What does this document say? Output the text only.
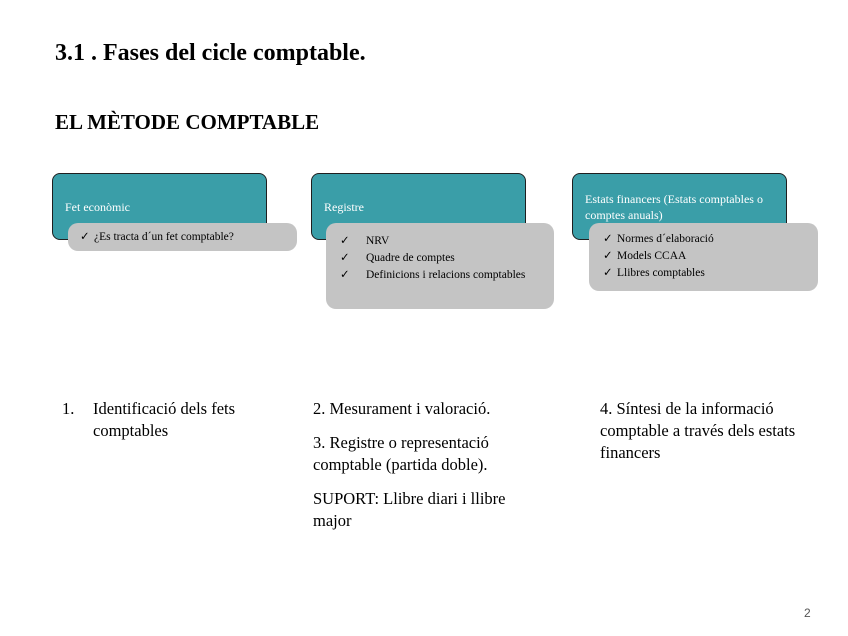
3.1 . Fases del cicle comptable.
EL MÈTODE COMPTABLE
Fet econòmic
✓ ¿Es tracta d´un fet comptable?
Registre
✓ NRV
✓ Quadre de comptes
✓ Definicions i relacions comptables
Estats financers (Estats comptables o comptes anuals)
✓ Normes d´elaboració
✓ Models CCAA
✓ Llibres comptables
1.	Identificació dels fets comptables

2. Mesurament i valoració.

3. Registre o representació comptable (partida doble).

SUPORT: Llibre diari i llibre major

4. Síntesi de la informació comptable a través dels estats financers
2
